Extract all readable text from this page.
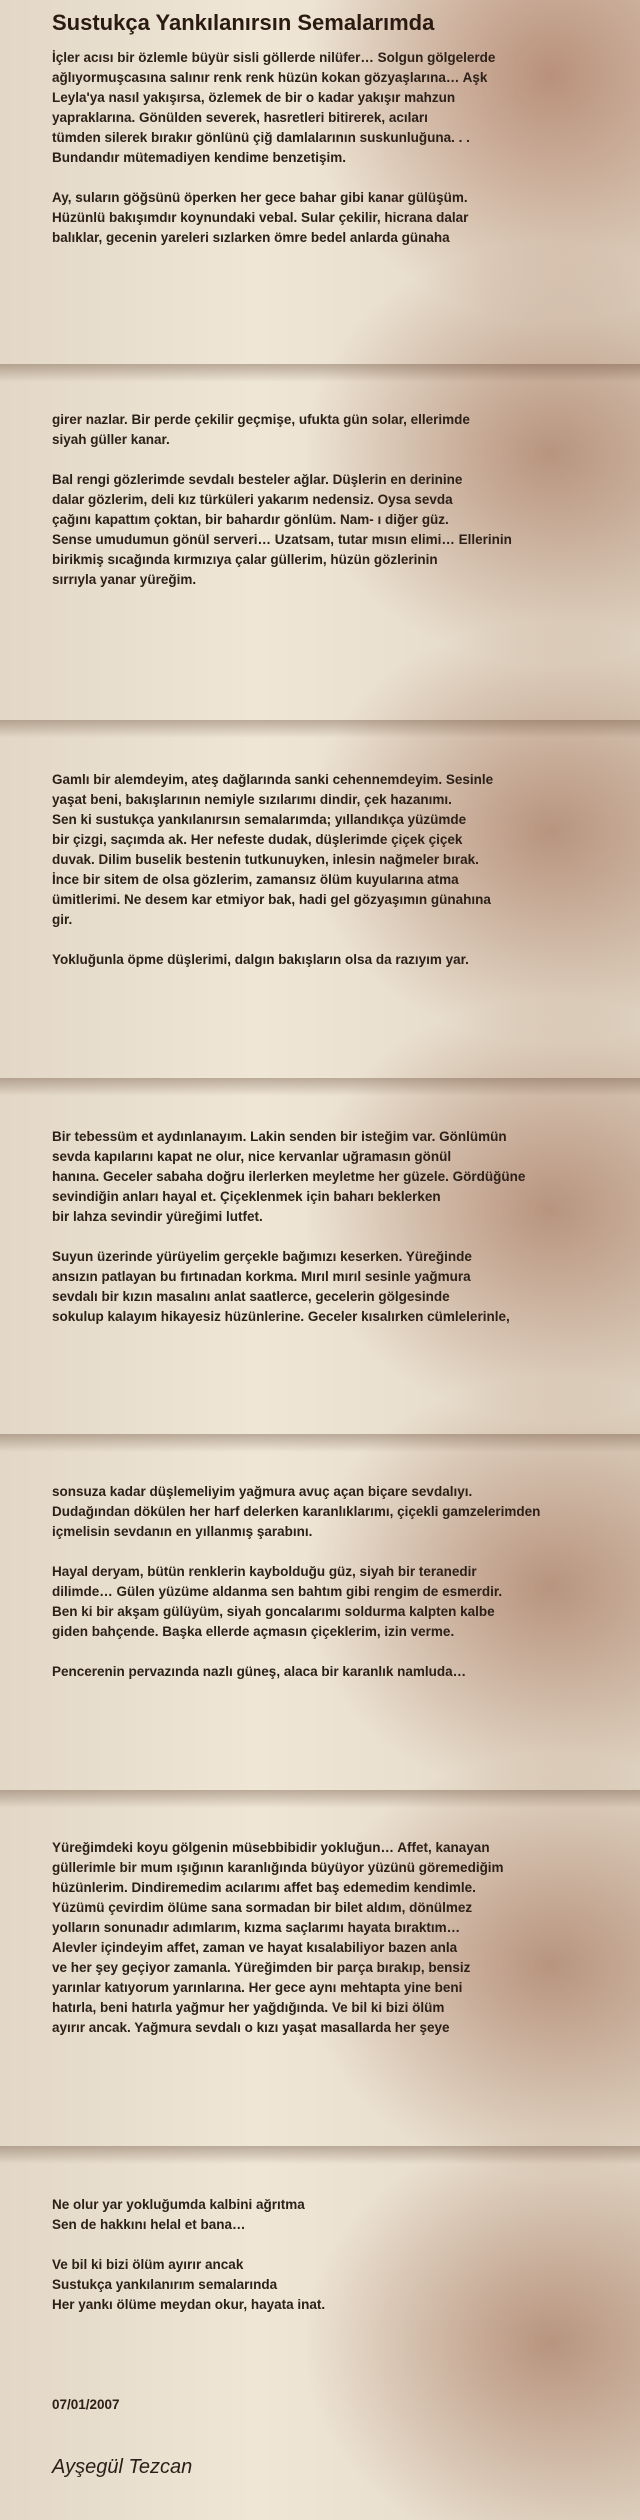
Sustukça Yankılanırsın Semalarımda
İçler acısı bir özlemle büyür sisli göllerde nilüfer… Solgun gölgelerde
ağlıyormuşcasına salınır renk renk hüzün kokan gözyaşlarına… Aşk
Leyla'ya nasıl yakışırsa, özlemek de bir o kadar yakışır mahzun
yapraklarına. Gönülden severek, hasretleri bitirerek, acıları
tümden silerek bırakır gönlünü çiğ damlalarının suskunluğuna. . .
Bundandır mütemadiyen kendime benzetişim.
Ay, suların göğsünü öperken her gece bahar gibi kanar gülüşüm.
Hüzünlü bakışımdır koynundaki vebal. Sular çekilir, hicrana dalar
balıklar, gecenin yareleri sızlarken ömre bedel anlarda günaha
girer nazlar. Bir perde çekilir geçmişe, ufukta gün solar, ellerimde
siyah güller kanar.
Bal rengi gözlerimde sevdalı besteler ağlar. Düşlerin en derinine
dalar gözlerim, deli kız türküleri yakarım nedensiz. Oysa sevda
çağını kapattım çoktan, bir bahardır gönlüm. Nam- ı diğer güz.
Sense umudumun gönül serveri… Uzatsam, tutar mısın elimi… Ellerinin
birikmiş sıcağında kırmızıya çalar güllerim, hüzün gözlerinin
sırrıyla yanar yüreğim.
Gamlı bir alemdeyim, ateş dağlarında sanki cehennemdeyim. Sesinle
yaşat beni, bakışlarının nemiyle sızılarımı dindir, çek hazanımı.
Sen ki sustukça yankılanırsın semalarımda; yıllandıkça yüzümde
bir çizgi, saçımda ak. Her nefeste dudak, düşlerimde çiçek çiçek
duvak. Dilim buselik bestenin tutkunuyken, inlesin nağmeler bırak.
İnce bir sitem de olsa gözlerim, zamansız ölüm kuyularına atma
ümitlerimi. Ne desem kar etmiyor bak, hadi gel gözyaşımın günahına
gir.
Yokluğunla öpme düşlerimi, dalgın bakışların olsa da razıyım yar.
Bir tebessüm et aydınlanayım. Lakin senden bir isteğim var. Gönlümün
sevda kapılarını kapat ne olur, nice kervanlar uğramasın gönül
hanına. Geceler sabaha doğru ilerlerken meyletme her güzele. Gördüğüne
sevindiğin anları hayal et. Çiçeklenmek için baharı beklerken
bir lahza sevindir yüreğimi lutfet.
Suyun üzerinde yürüyelim gerçekle bağımızı keserken. Yüreğinde
ansızın patlayan bu fırtınadan korkma. Mırıl mırıl sesinle yağmura
sevdalı bir kızın masalını anlat saatlerce, gecelerin gölgesinde
sokulup kalayım hikayesiz hüzünlerine. Geceler kısalırken cümlelerinle,
sonsuza kadar düşlemeliyim yağmura avuç açan biçare sevdalıyı.
Dudağından dökülen her harf delerken karanlıklarımı, çiçekli gamzelerimden
içmelisin sevdanın en yıllanmış şarabını.
Hayal deryam, bütün renklerin kaybolduğu güz, siyah bir teranedir
dilimde… Gülen yüzüme aldanma sen bahtım gibi rengim de esmerdir.
Ben ki bir akşam gülüyüm, siyah goncalarımı soldurma kalpten kalbe
giden bahçende. Başka ellerde açmasın çiçeklerim, izin verme.
Pencerenin pervazında nazlı güneş, alaca bir karanlık namluda…
Yüreğimdeki koyu gölgenin müsebbibidir yokluğun… Affet, kanayan
güllerimle bir mum ışığının karanlığında büyüyor yüzünü göremediğim
hüzünlerim. Dindiremedim acılarımı affet baş edemedim kendimle.
Yüzümü çevirdim ölüme sana sormadan bir bilet aldım, dönülmez
yolların sonunadır adımlarım, kızma saçlarımı hayata bıraktım…
Alevler içindeyim affet, zaman ve hayat kısalabiliyor bazen anla
ve her şey geçiyor zamanla. Yüreğimden bir parça bırakıp, bensiz
yarınlar katıyorum yarınlarına. Her gece aynı mehtapta yine beni
hatırla, beni hatırla yağmur her yağdığında. Ve bil ki bizi ölüm
ayırır ancak. Yağmura sevdalı o kızı yaşat masallarda her şeye
Ne olur yar yokluğumda kalbini ağrıtma
Sen de hakkını helal et bana…
Ve bil ki bizi ölüm ayırır ancak
Sustukça yankılanırım semalarında
Her yankı ölüme meydan okur, hayata inat.
07/01/2007
Ayşegül Tezcan
